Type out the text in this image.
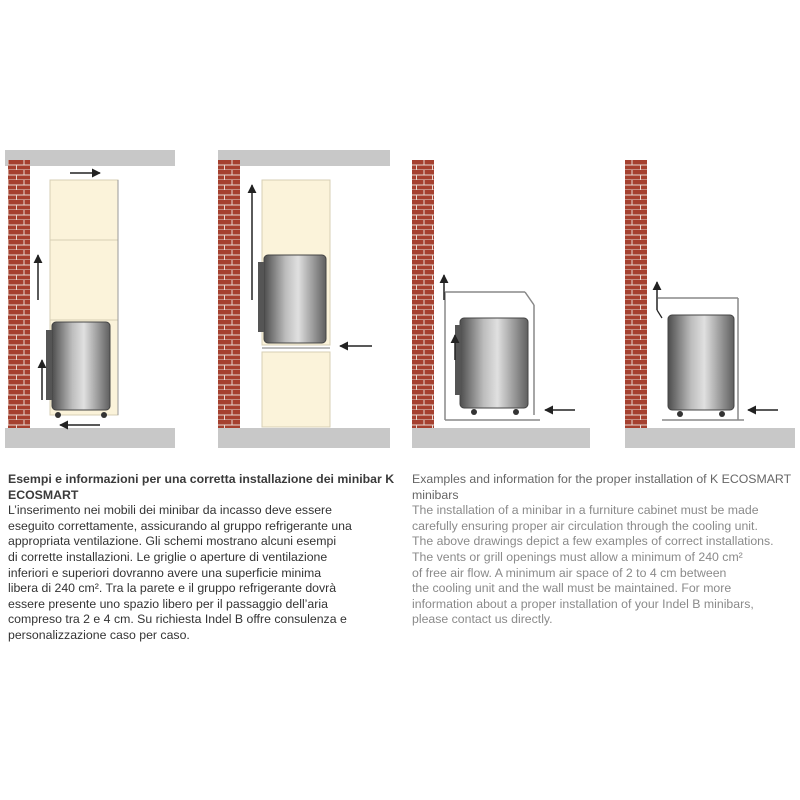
Esempi e informazioni per una corretta installazione dei minibar K ECOSMART
L’inserimento nei mobili dei minibar da incasso deve essere
eseguito correttamente, assicurando al gruppo refrigerante una
appropriata ventilazione. Gli schemi mostrano alcuni esempi
di corrette installazioni. Le griglie o aperture di ventilazione
inferiori e superiori dovranno avere una superficie minima
libera di 240 cm². Tra la parete e il gruppo refrigerante dovrà
essere presente uno spazio libero per il passaggio dell’aria
compreso tra 2 e 4 cm. Su richiesta Indel B offre consulenza e
personalizzazione caso per caso.
Examples and information for the proper installation of K ECOSMART minibars
The installation of a minibar in a furniture cabinet must be made
carefully ensuring proper air circulation through the cooling unit.
The above drawings depict a few examples of correct installations.
The vents or grill openings must allow a minimum of 240 cm²
of free air flow. A minimum air space of 2 to 4 cm between
the cooling unit and the wall must be maintained. For more
information about a proper installation of your Indel B minibars,
please contact us directly.
